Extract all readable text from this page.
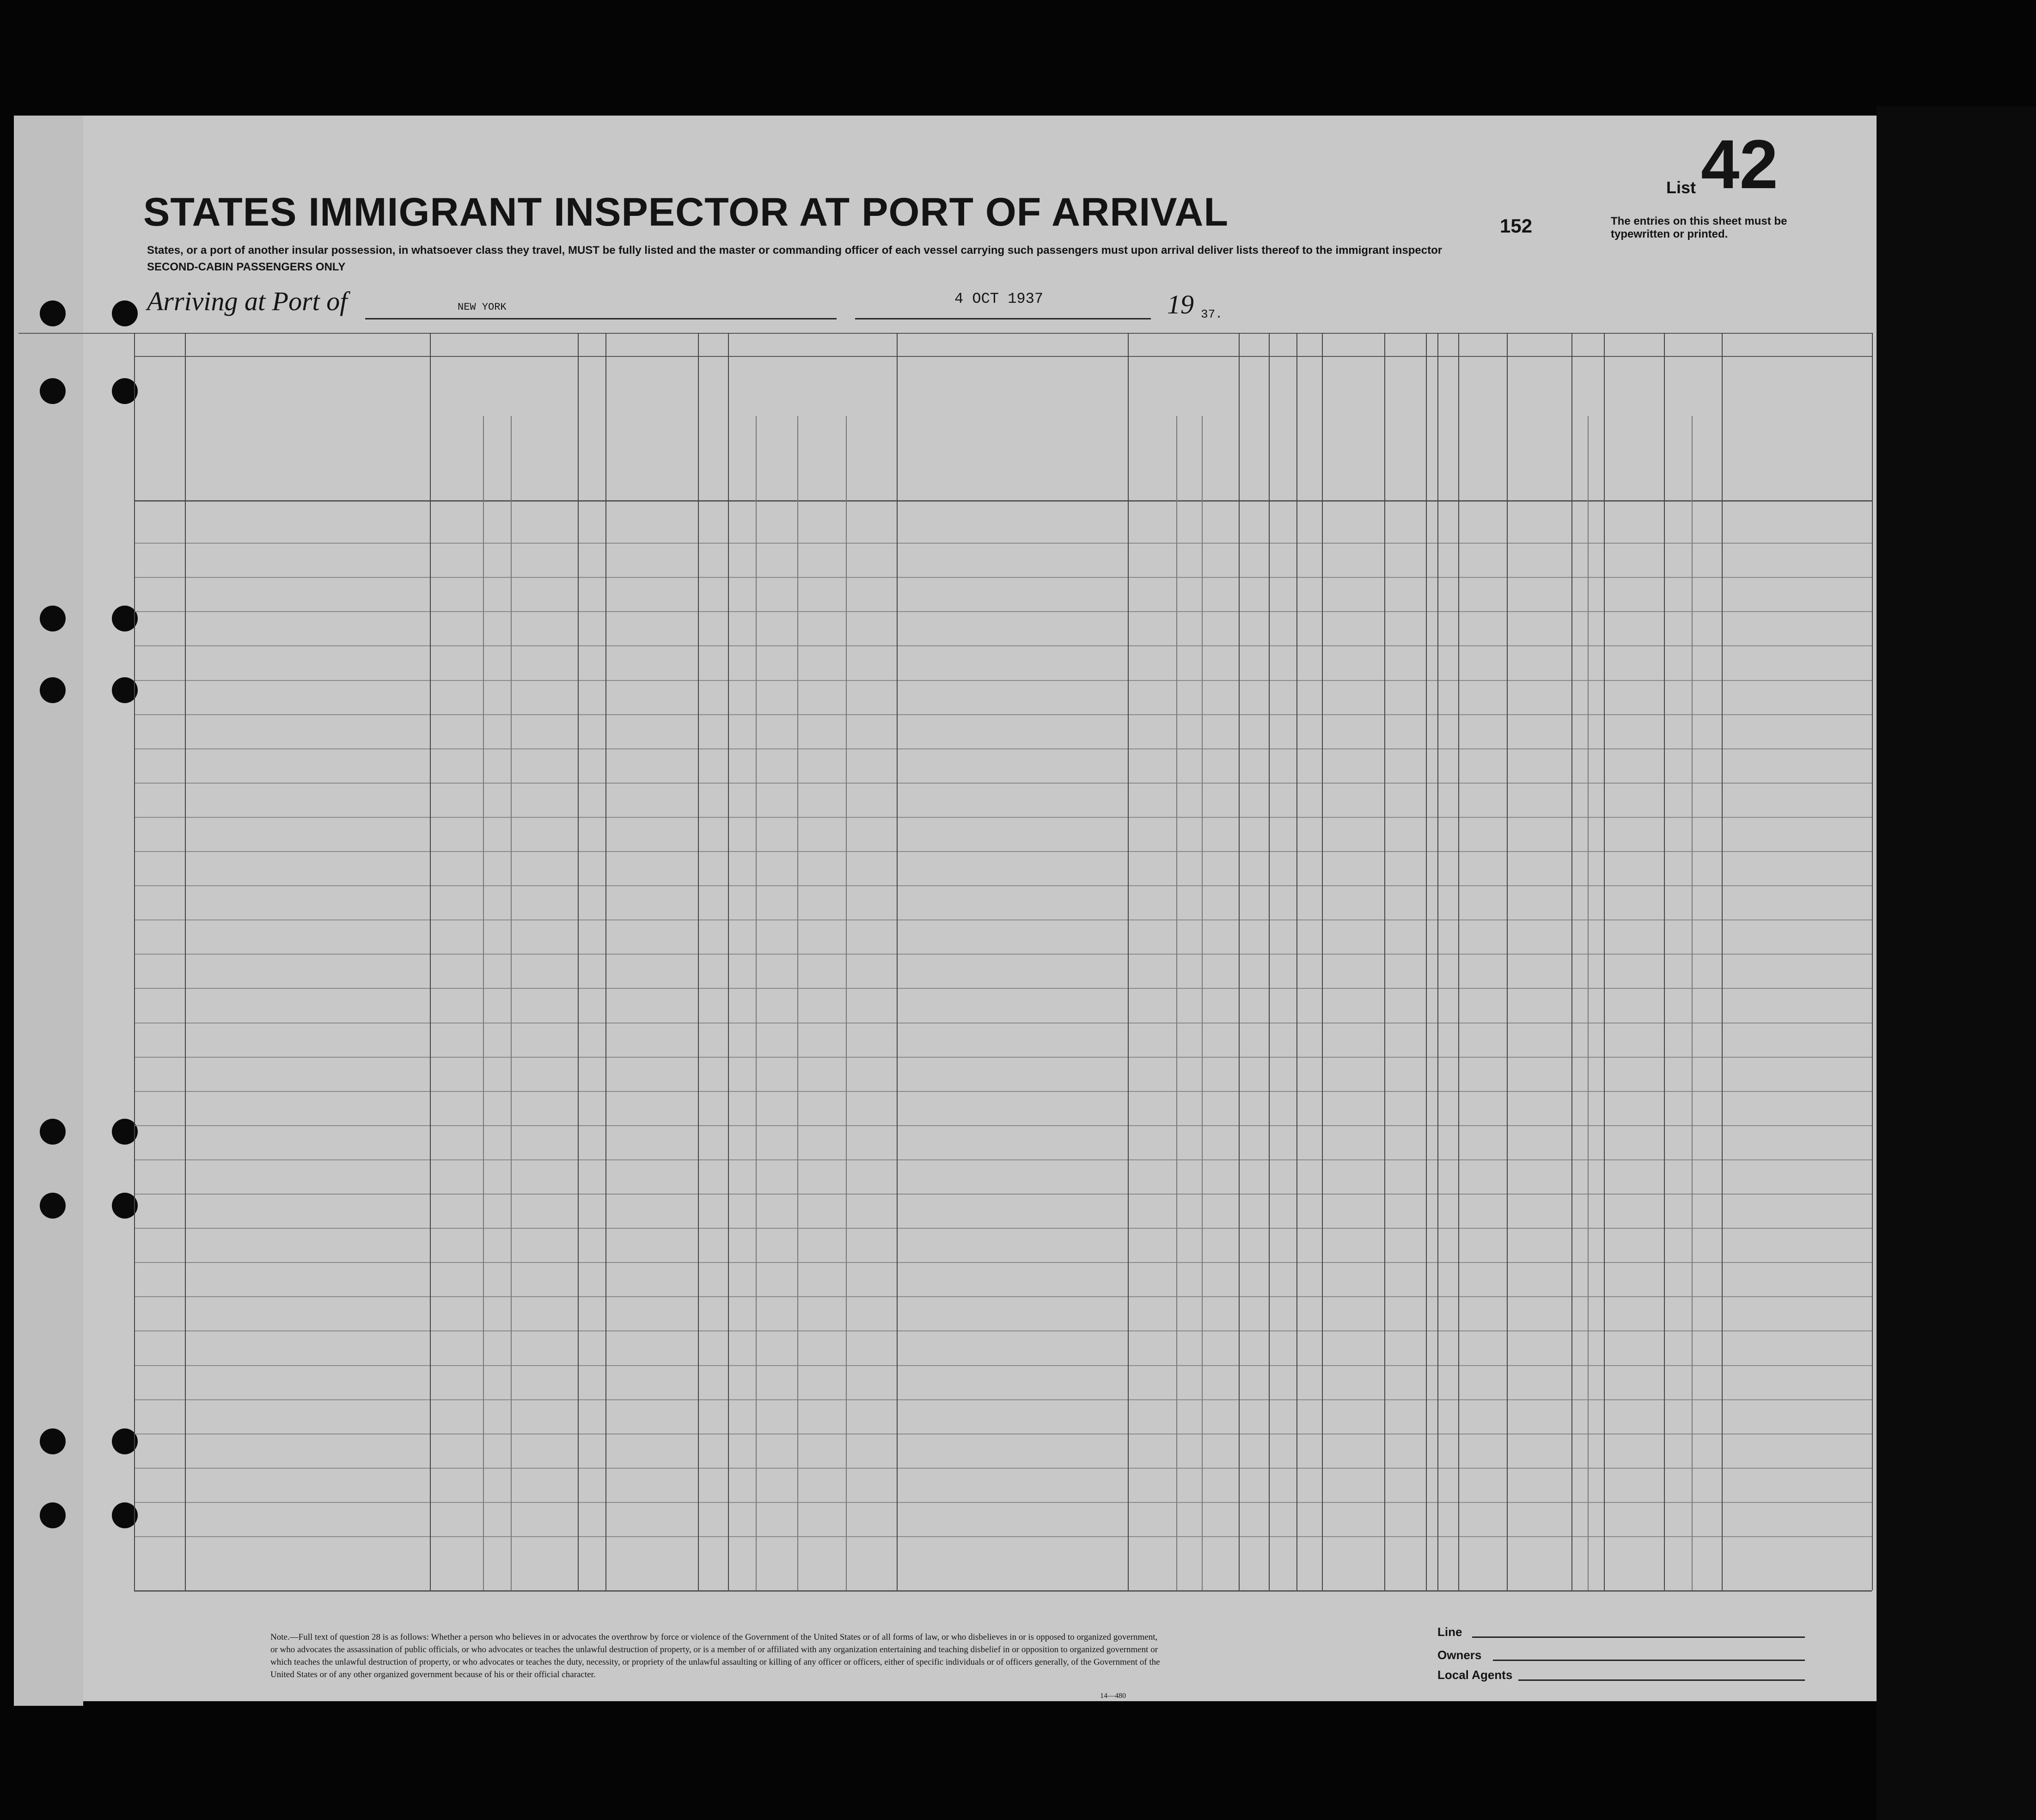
STATES IMMIGRANT INSPECTOR AT PORT OF ARRIVAL
List 42
152	The entries on this sheet must be typewritten or printed.
States, or a port of another insular possession, in whatsoever class they travel, MUST be fully listed and the master or commanding officer of each vessel carrying such passengers must upon arrival deliver lists thereof to the immigrant inspector
SECOND-CABIN PASSENGERS ONLY
Arriving at Port of	NEW YORK	4 OCT 1937	19 37.
Note.—Full text of question 28 is as follows: Whether a person who believes in or advocates the overthrow by force or violence of the Government of the United States or of all forms of law, or who disbelieves in or is opposed to organized government, or who advocates the assassination of public officials, or who advocates or teaches the unlawful destruction of property, or is a member of or affiliated with any organization entertaining and teaching disbelief in or opposition to organized government or which teaches the unlawful destruction of property, or who advocates or teaches the duty, necessity, or propriety of the unlawful assaulting or killing of any officer or officers, either of specific individuals or of officers generally, of the Government of the United States or of any other organized government because of his or their official character.
14—480
Line
Owners
Local Agents
